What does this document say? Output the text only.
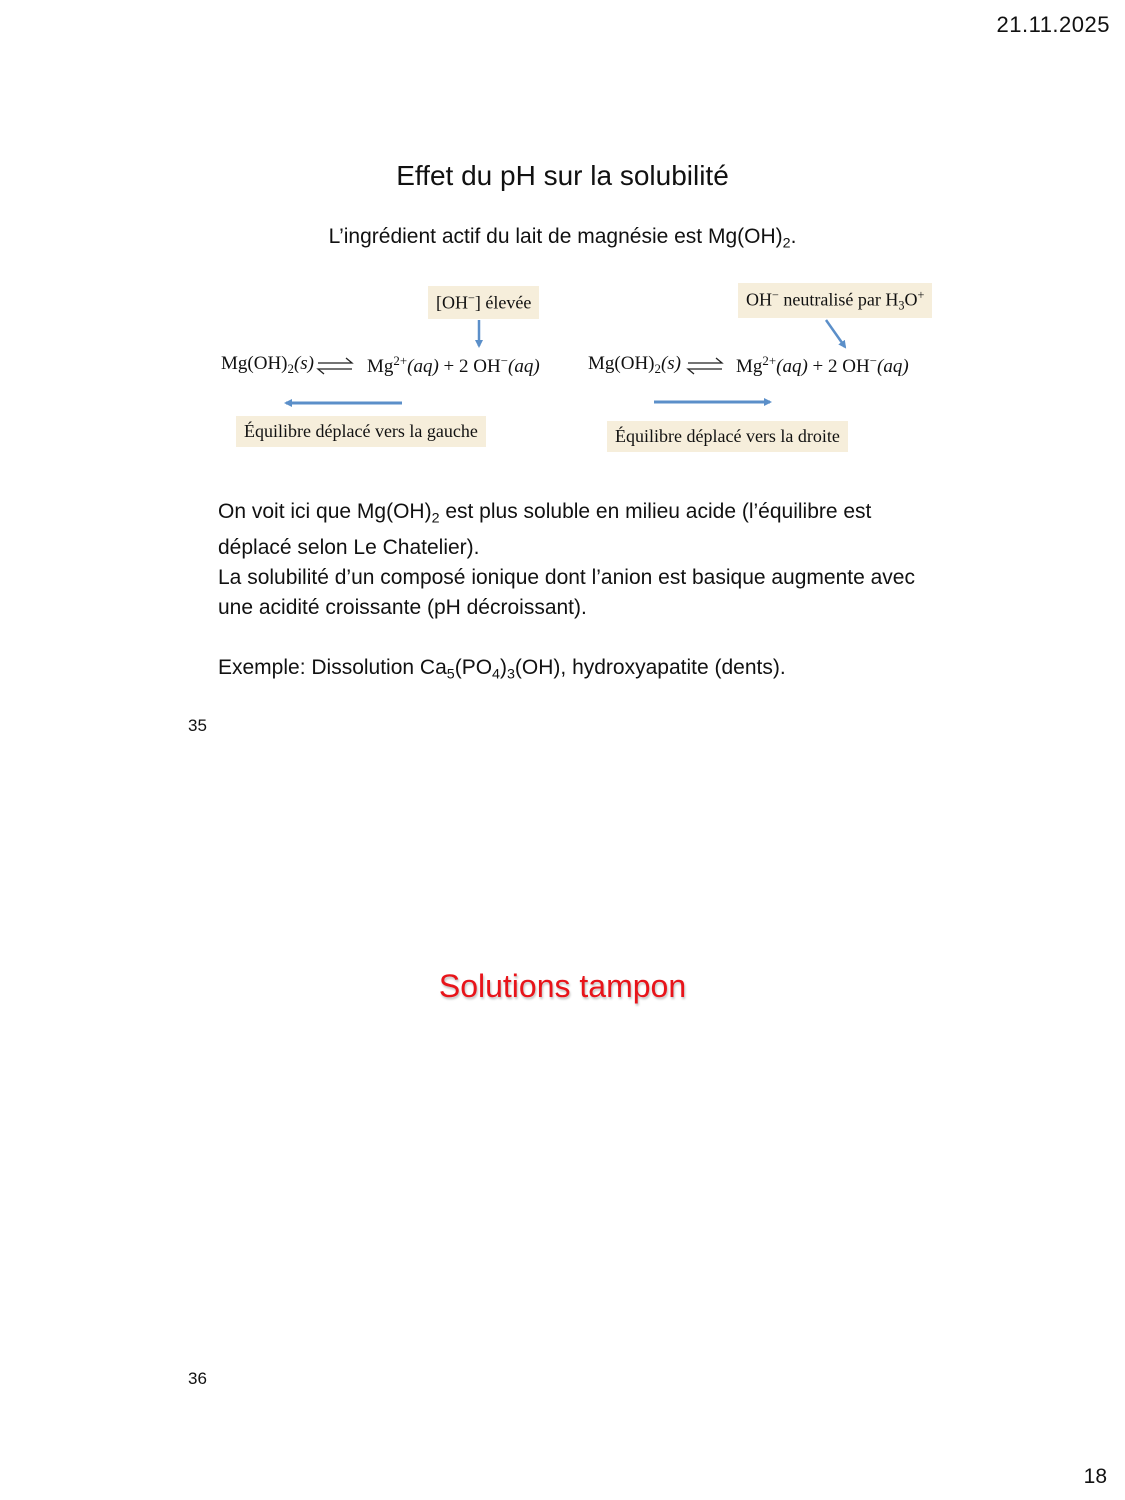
21.11.2025
Effet du pH sur la solubilité
L’ingrédient actif du lait de magnésie est $Mg(OH)_2$.
[OH−] élevée
$Mg(OH)_2(s)$	$Mg^{2+}(aq) + 2$ OH−(aq)
Équilibre déplacé vers la gauche
OH− neutralisé par $H_3O^+$
$Mg(OH)_2(s)$	$Mg^{2+}(aq) + 2$ OH−(aq)
Équilibre déplacé vers la droite

On voit ici que $Mg(OH)_2$ est plus soluble en milieu acide (l’équilibre est déplacé selon Le Chatelier).

La solubilité d’un composé ionique dont l’anion est basique augmente avec une acidité croissante (pH décroissant).

Exemple: Dissolution $Ca_5(PO_4)_3(OH)$, hydroxyapatite (dents).

35
Solutions tampon
36
18
